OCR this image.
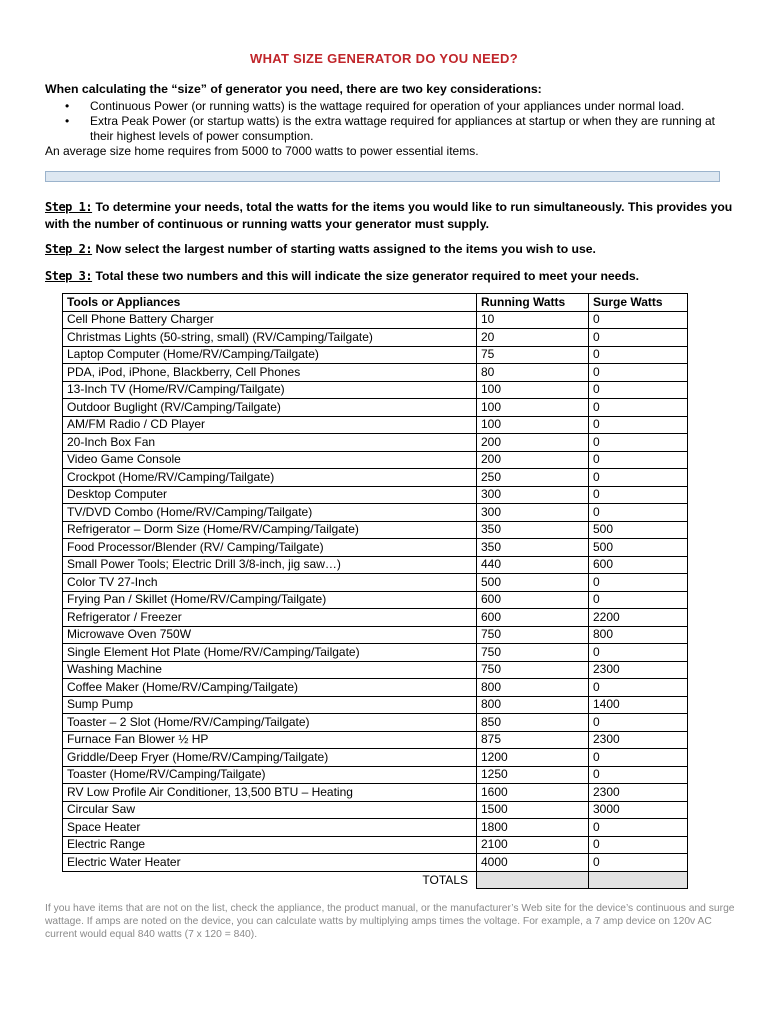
WHAT SIZE GENERATOR DO YOU NEED?
When calculating the “size” of generator you need, there are two key considerations:
• Continuous Power (or running watts) is the wattage required for operation of your appliances under normal load.
• Extra Peak Power (or startup watts) is the extra wattage required for appliances at startup or when they are running at their highest levels of power consumption.
An average size home requires from 5000 to 7000 watts to power essential items.
Step 1: To determine your needs, total the watts for the items you would like to run simultaneously. This provides you with the number of continuous or running watts your generator must supply.
Step 2: Now select the largest number of starting watts assigned to the items you wish to use.
Step 3: Total these two numbers and this will indicate the size generator required to meet your needs.
Tools or Appliances	Running Watts	Surge Watts
Cell Phone Battery Charger	10	0
Christmas Lights (50-string, small) (RV/Camping/Tailgate)	20	0
Laptop Computer (Home/RV/Camping/Tailgate)	75	0
PDA, iPod, iPhone, Blackberry, Cell Phones	80	0
13-Inch TV (Home/RV/Camping/Tailgate)	100	0
Outdoor Buglight (RV/Camping/Tailgate)	100	0
AM/FM Radio / CD Player	100	0
20-Inch Box Fan	200	0
Video Game Console	200	0
Crockpot (Home/RV/Camping/Tailgate)	250	0
Desktop Computer	300	0
TV/DVD Combo (Home/RV/Camping/Tailgate)	300	0
Refrigerator – Dorm Size (Home/RV/Camping/Tailgate)	350	500
Food Processor/Blender (RV/ Camping/Tailgate)	350	500
Small Power Tools; Electric Drill 3/8-inch, jig saw…)	440	600
Color TV 27-Inch	500	0
Frying Pan / Skillet (Home/RV/Camping/Tailgate)	600	0
Refrigerator / Freezer	600	2200
Microwave Oven 750W	750	800
Single Element Hot Plate (Home/RV/Camping/Tailgate)	750	0
Washing Machine	750	2300
Coffee Maker (Home/RV/Camping/Tailgate)	800	0
Sump Pump	800	1400
Toaster – 2 Slot (Home/RV/Camping/Tailgate)	850	0
Furnace Fan Blower ½ HP	875	2300
Griddle/Deep Fryer (Home/RV/Camping/Tailgate)	1200	0
Toaster (Home/RV/Camping/Tailgate)	1250	0
RV Low Profile Air Conditioner, 13,500 BTU – Heating	1600	2300
Circular Saw	1500	3000
Space Heater	1800	0
Electric Range	2100	0
Electric Water Heater	4000	0
TOTALS		
If you have items that are not on the list, check the appliance, the product manual, or the manufacturer’s Web site for the device’s continuous and surge wattage. If amps are noted on the device, you can calculate watts by multiplying amps times the voltage. For example, a 7 amp device on 120v AC current would equal 840 watts (7 x 120 = 840).
